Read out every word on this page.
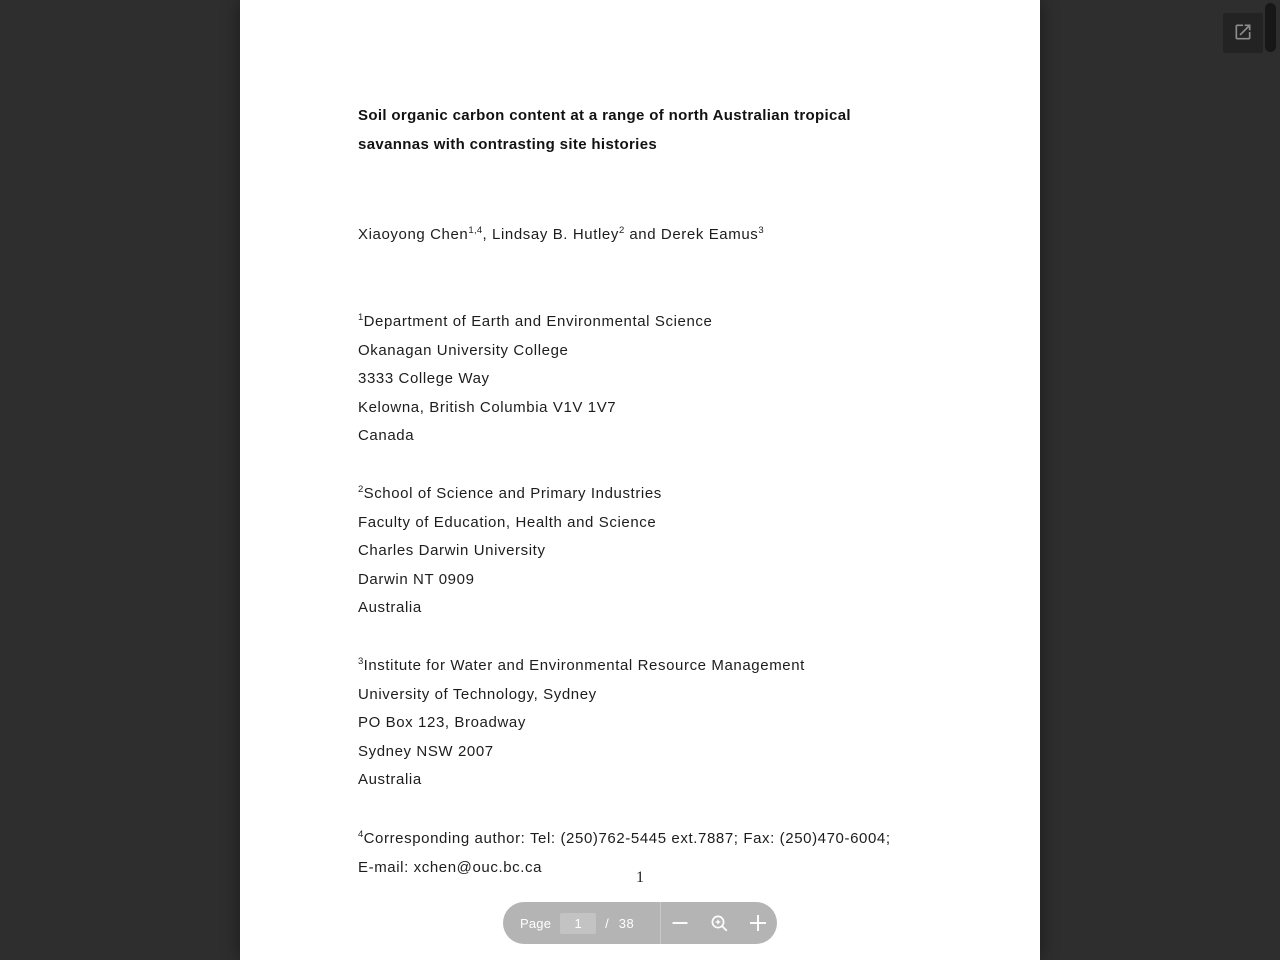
Soil organic carbon content at a range of north Australian tropical
savannas with contrasting site histories
Xiaoyong Chen$^{1,4}$, Lindsay B. Hutley$^2$ and Derek Eamus$^3$
$^1$Department of Earth and Environmental Science
Okanagan University College
3333 College Way
Kelowna, British Columbia V1V 1V7
Canada
$^2$School of Science and Primary Industries
Faculty of Education, Health and Science
Charles Darwin University
Darwin NT 0909
Australia
$^3$Institute for Water and Environmental Resource Management
University of Technology, Sydney
PO Box 123, Broadway
Sydney NSW 2007
Australia
$^4$Corresponding author: Tel: (250)762-5445 ext.7887; Fax: (250)470-6004;
E-mail: xchen@ouc.bc.ca
1
Page
1	/ 38
